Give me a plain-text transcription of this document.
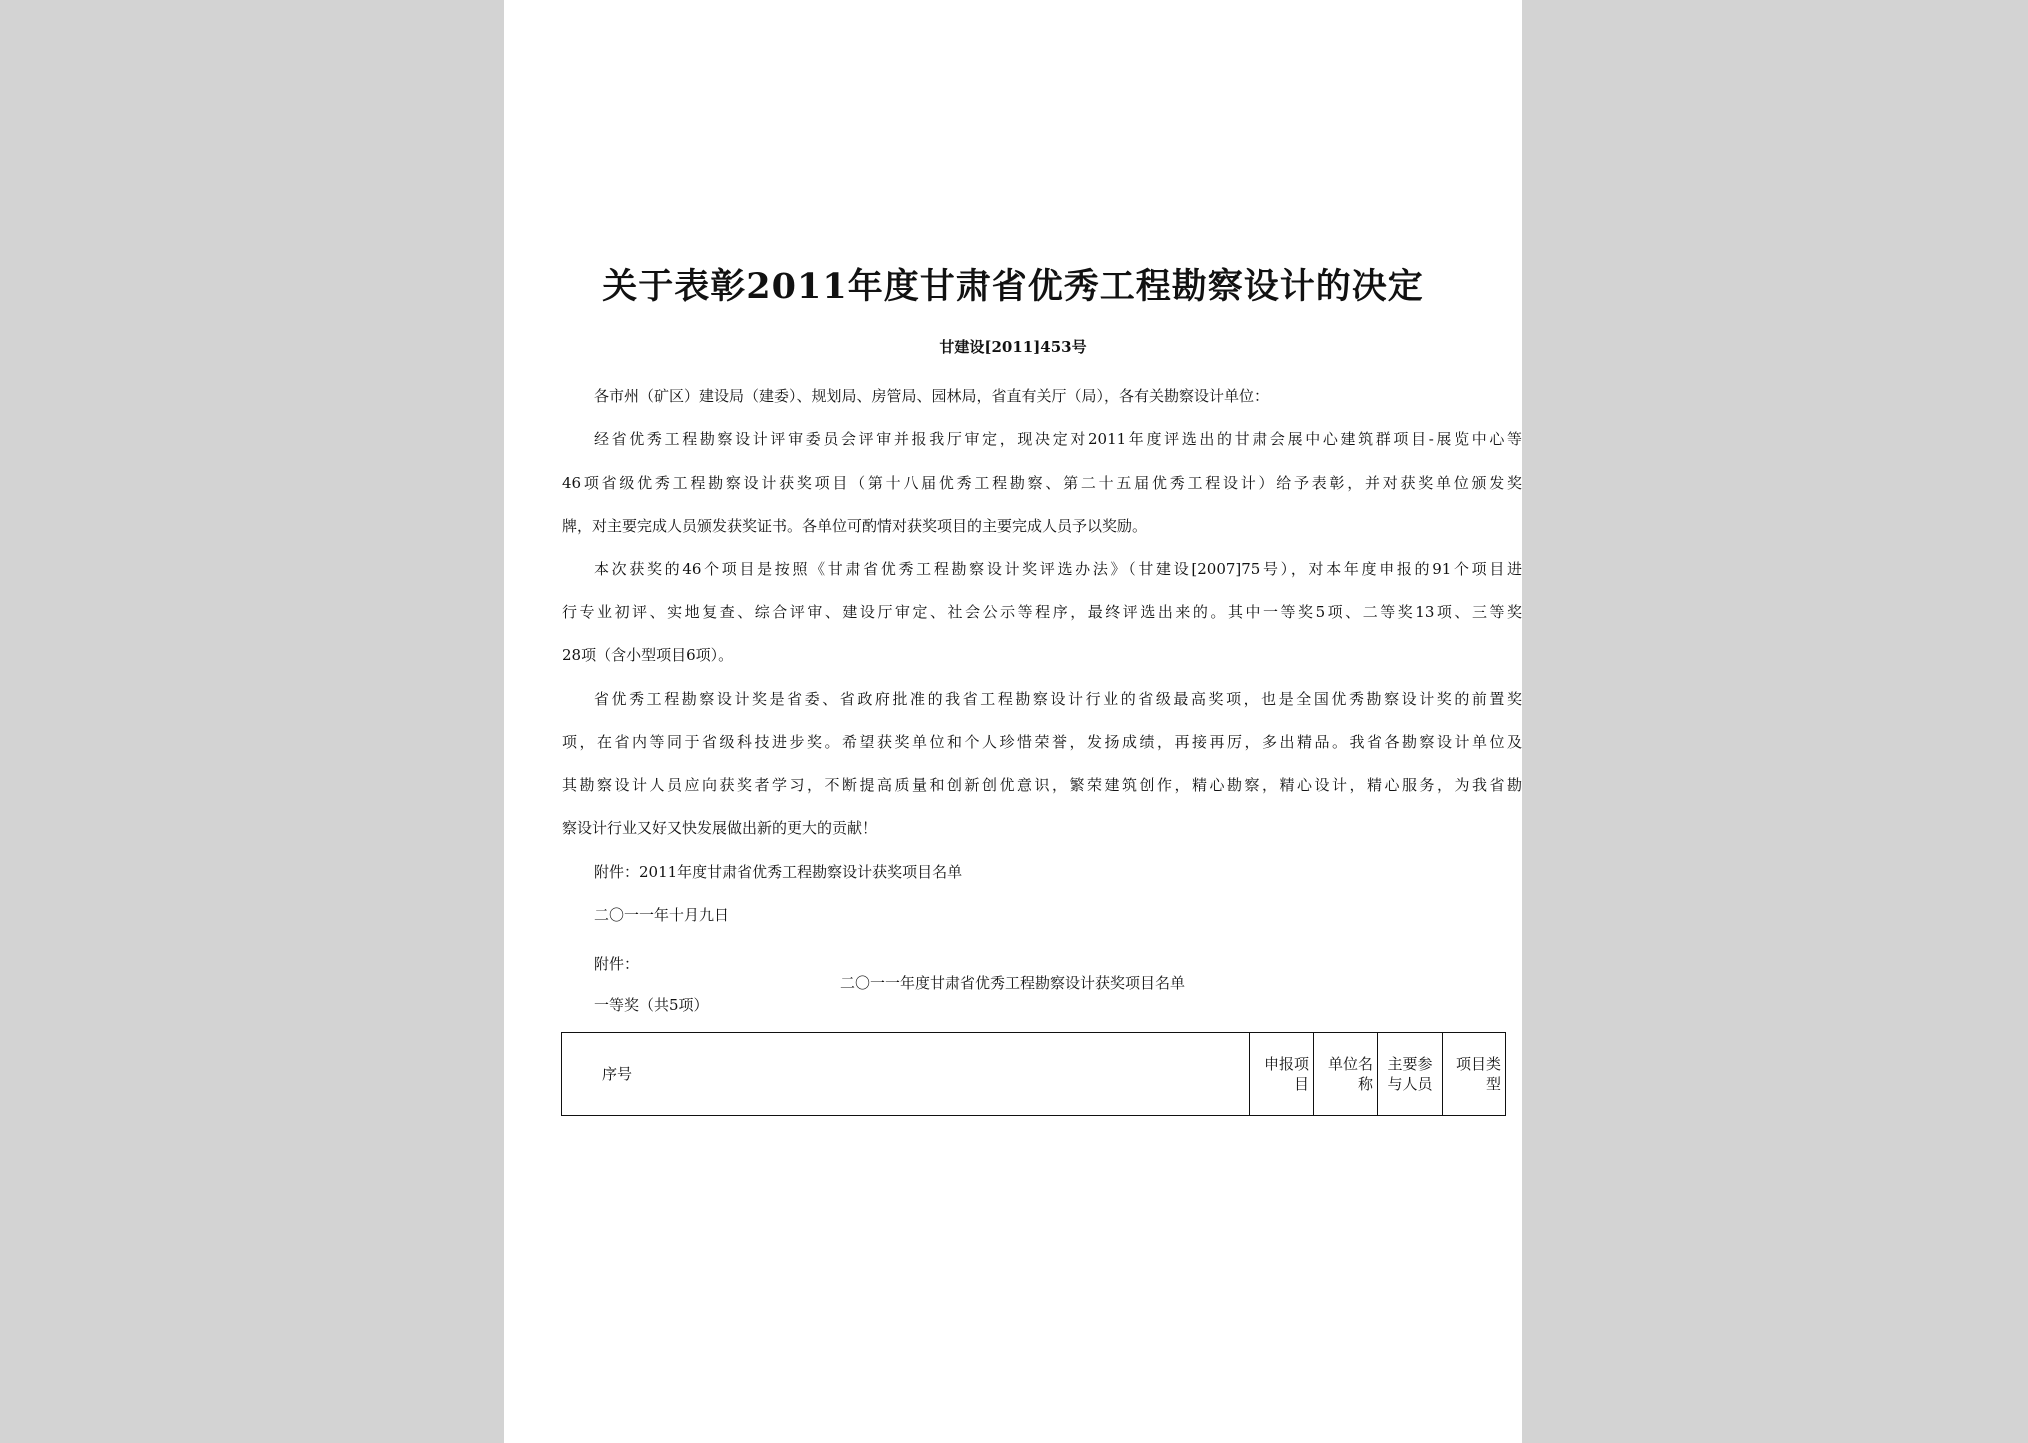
关于表彰2011年度甘肃省优秀工程勘察设计的决定
甘建设[2011]453号

各市州（矿区）建设局（建委）、规划局、房管局、园林局，省直有关厅（局），各有关勘察设计单位：

经省优秀工程勘察设计评审委员会评审并报我厅审定，现决定对2011年度评选出的甘肃会展中心建筑群项目-展览中心等

46项省级优秀工程勘察设计获奖项目（第十八届优秀工程勘察、第二十五届优秀工程设计）给予表彰，并对获奖单位颁发奖

牌，对主要完成人员颁发获奖证书。各单位可酌情对获奖项目的主要完成人员予以奖励。

本次获奖的46个项目是按照《甘肃省优秀工程勘察设计奖评选办法》（甘建设[2007]75号），对本年度申报的91个项目进

行专业初评、实地复查、综合评审、建设厅审定、社会公示等程序，最终评选出来的。其中一等奖5项、二等奖13项、三等奖

28项（含小型项目6项）。

省优秀工程勘察设计奖是省委、省政府批准的我省工程勘察设计行业的省级最高奖项，也是全国优秀勘察设计奖的前置奖

项，在省内等同于省级科技进步奖。希望获奖单位和个人珍惜荣誉，发扬成绩，再接再厉，多出精品。我省各勘察设计单位及

其勘察设计人员应向获奖者学习，不断提高质量和创新创优意识，繁荣建筑创作，精心勘察，精心设计，精心服务，为我省勘

察设计行业又好又快发展做出新的更大的贡献！

附件：2011年度甘肃省优秀工程勘察设计获奖项目名单

二〇一一年十月九日

附件：

二〇一一年度甘肃省优秀工程勘察设计获奖项目名单

一等奖（共5项）

序号	申报项目	单位名称	主要参与人员	项目类型
